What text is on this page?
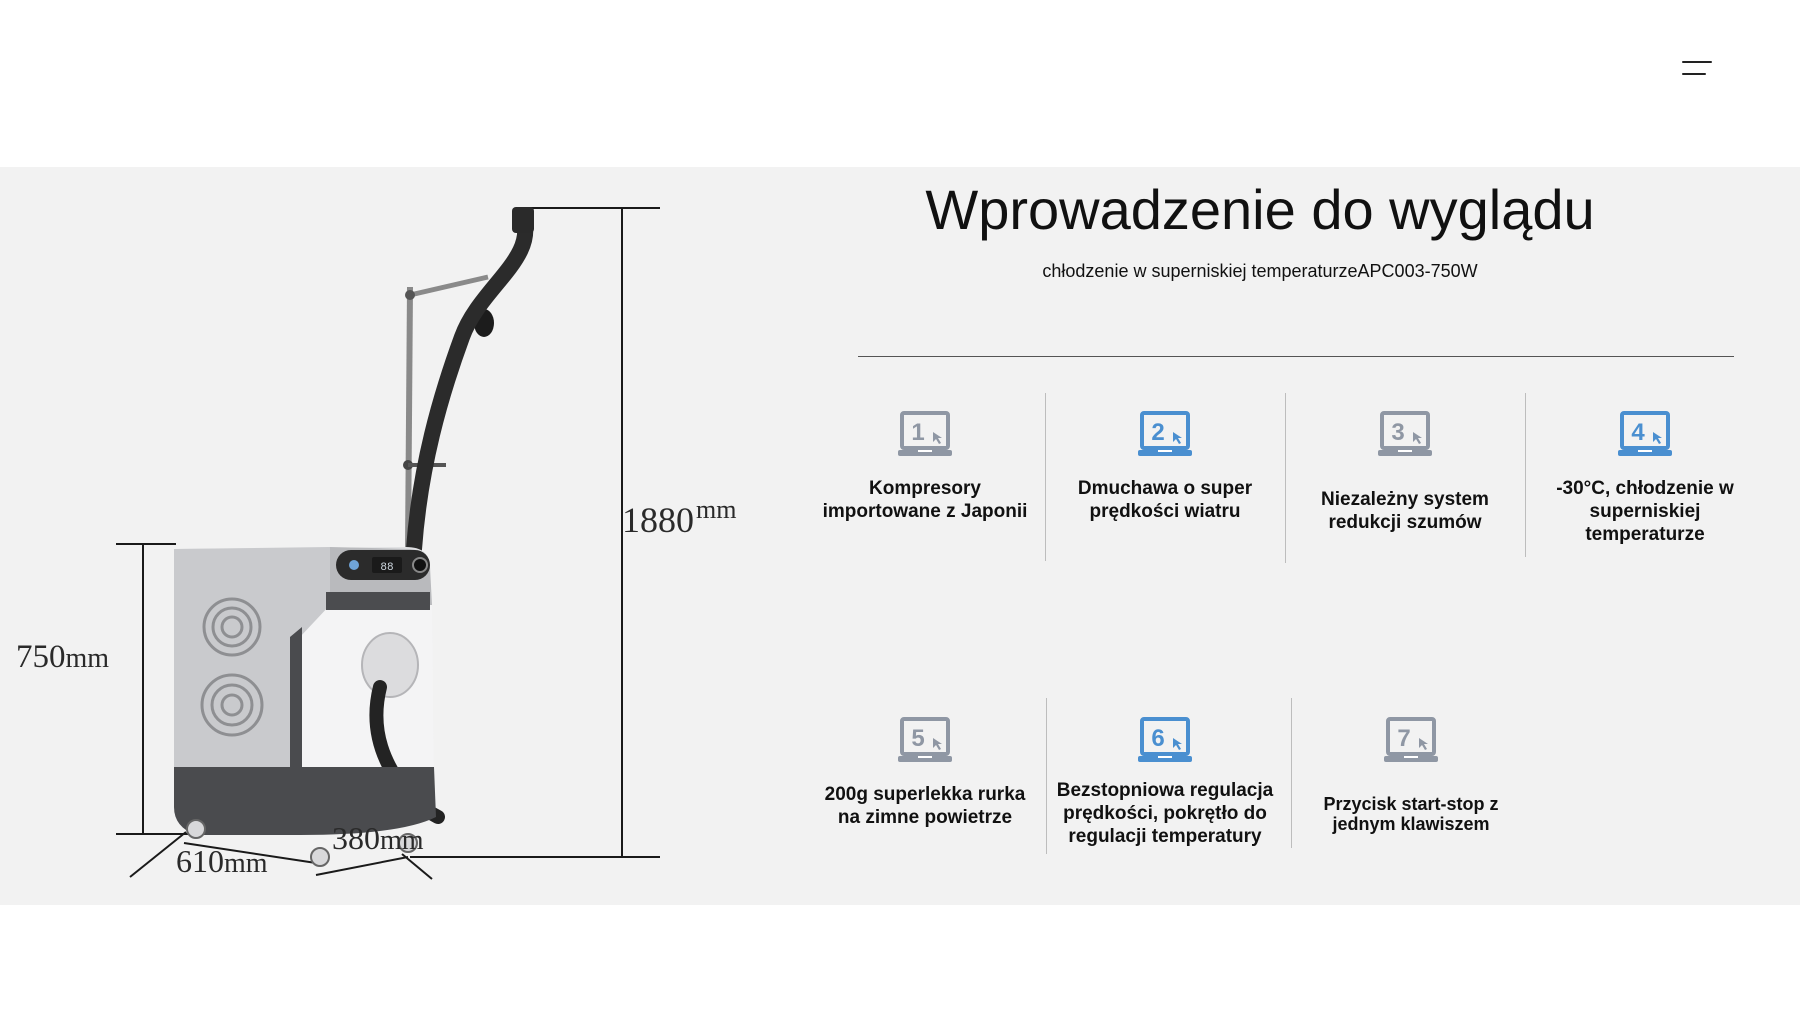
88
$1880^{mm}$
750mm
610mm
380mm
Wprowadzenie do wyglądu

chłodzenie w superniskiej temperaturzeAPC003-750W

1
Kompresory importowane z Japonii
2
Dmuchawa o super prędkości wiatru
3
Niezależny system redukcji szumów
4
-30°C, chłodzenie w superniskiej temperaturze
5
200g superlekka rurka na zimne powietrze
6
Bezstopniowa regulacja prędkości, pokrętło do regulacji temperatury
7
Przycisk start-stop z jednym klawiszem
